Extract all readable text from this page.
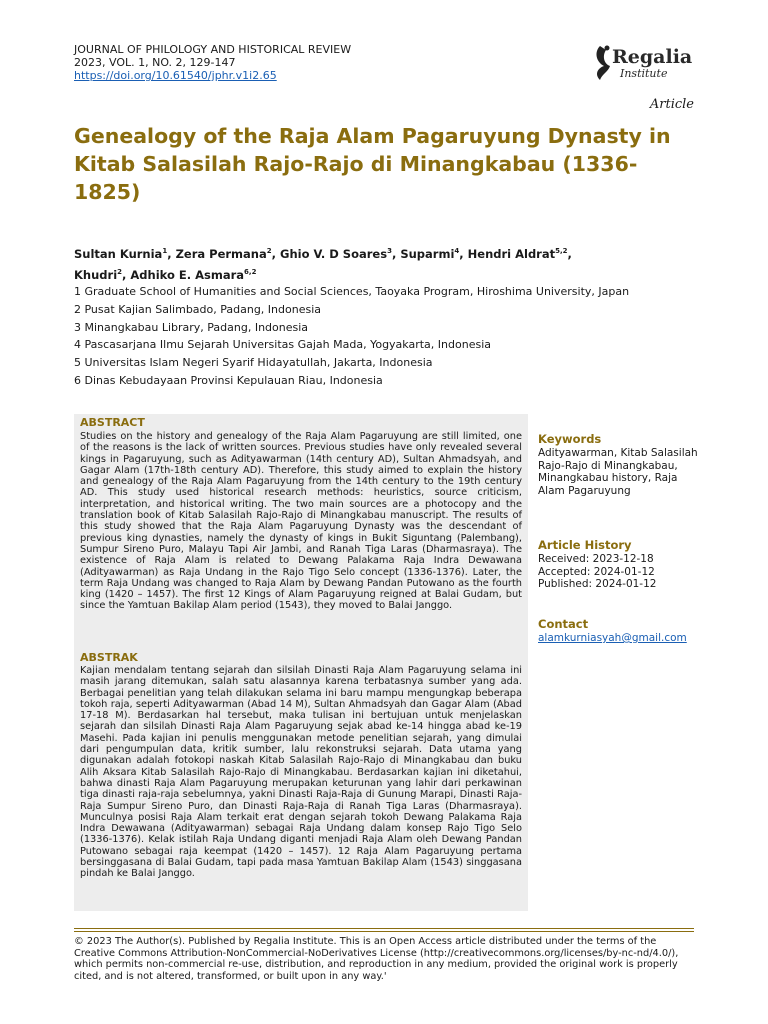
JOURNAL OF PHILOLOGY AND HISTORICAL REVIEW
2023, VOL. 1, NO. 2, 129-147
https://doi.org/10.61540/jphr.v1i2.65
Regalia
Institute
Article
Genealogy of the Raja Alam Pagaruyung Dynasty in Kitab Salasilah Rajo-Rajo di Minangkabau (1336-1825)
Sultan Kurnia$^1$, Zera Permana$^2$, Ghio V. D Soares$^3$, Suparmi$^4$, Hendri Aldrat$^{5,2}$,
Khudri$^2$, Adhiko E. Asmara$^{6,2}$
1 Graduate School of Humanities and Social Sciences, Taoyaka Program, Hiroshima University, Japan
2 Pusat Kajian Salimbado, Padang, Indonesia
3 Minangkabau Library, Padang, Indonesia
4 Pascasarjana Ilmu Sejarah Universitas Gajah Mada, Yogyakarta, Indonesia
5 Universitas Islam Negeri Syarif Hidayatullah, Jakarta, Indonesia
6 Dinas Kebudayaan Provinsi Kepulauan Riau, Indonesia
ABSTRACT
Studies on the history and genealogy of the Raja Alam Pagaruyung are still limited, one of the reasons is the lack of written sources. Previous studies have only revealed several kings in Pagaruyung, such as Adityawarman (14th century AD), Sultan Ahmadsyah, and Gagar Alam (17th-18th century AD). Therefore, this study aimed to explain the history and genealogy of the Raja Alam Pagaruyung from the 14th century to the 19th century AD. This study used historical research methods: heuristics, source criticism, interpretation, and historical writing. The two main sources are a photocopy and the translation book of Kitab Salasilah Rajo-Rajo di Minangkabau manuscript. The results of this study showed that the Raja Alam Pagaruyung Dynasty was the descendant of previous king dynasties, namely the dynasty of kings in Bukit Siguntang (Palembang), Sumpur Sireno Puro, Malayu Tapi Air Jambi, and Ranah Tiga Laras (Dharmasraya). The existence of Raja Alam is related to Dewang Palakama Raja Indra Dewawana (Adityawarman) as Raja Undang in the Rajo Tigo Selo concept (1336-1376). Later, the term Raja Undang was changed to Raja Alam by Dewang Pandan Putowano as the fourth king (1420 – 1457). The first 12 Kings of Alam Pagaruyung reigned at Balai Gudam, but since the Yamtuan Bakilap Alam period (1543), they moved to Balai Janggo.
ABSTRAK
Kajian mendalam tentang sejarah dan silsilah Dinasti Raja Alam Pagaruyung selama ini masih jarang ditemukan, salah satu alasannya karena terbatasnya sumber yang ada. Berbagai penelitian yang telah dilakukan selama ini baru mampu mengungkap beberapa tokoh raja, seperti Adityawarman (Abad 14 M), Sultan Ahmadsyah dan Gagar Alam (Abad 17-18 M). Berdasarkan hal tersebut, maka tulisan ini bertujuan untuk menjelaskan sejarah dan silsilah Dinasti Raja Alam Pagaruyung sejak abad ke-14 hingga abad ke-19 Masehi. Pada kajian ini penulis menggunakan metode penelitian sejarah, yang dimulai dari pengumpulan data, kritik sumber, lalu rekonstruksi sejarah. Data utama yang digunakan adalah fotokopi naskah Kitab Salasilah Rajo-Rajo di Minangkabau dan buku Alih Aksara Kitab Salasilah Rajo-Rajo di Minangkabau. Berdasarkan kajian ini diketahui, bahwa dinasti Raja Alam Pagaruyung merupakan keturunan yang lahir dari perkawinan tiga dinasti raja-raja sebelumnya, yakni Dinasti Raja-Raja di Gunung Marapi, Dinasti Raja-Raja Sumpur Sireno Puro, dan Dinasti Raja-Raja di Ranah Tiga Laras (Dharmasraya). Munculnya posisi Raja Alam terkait erat dengan sejarah tokoh Dewang Palakama Raja Indra Dewawana (Adityawarman) sebagai Raja Undang dalam konsep Rajo Tigo Selo (1336-1376). Kelak istilah Raja Undang diganti menjadi Raja Alam oleh Dewang Pandan Putowano sebagai raja keempat (1420 – 1457). 12 Raja Alam Pagaruyung pertama bersinggasana di Balai Gudam, tapi pada masa Yamtuan Bakilap Alam (1543) singgasana pindah ke Balai Janggo.
Keywords
Adityawarman, Kitab Salasilah Rajo-Rajo di Minangkabau, Minangkabau history, Raja Alam Pagaruyung
Article History
Received: 2023-12-18
Accepted: 2024-01-12
Published: 2024-01-12
Contact
alamkurniasyah@gmail.com
© 2023 The Author(s). Published by Regalia Institute. This is an Open Access article distributed under the terms of the Creative Commons Attribution-NonCommercial-NoDerivatives License (http://creativecommons.org/licenses/by-nc-nd/4.0/), which permits non-commercial re-use, distribution, and reproduction in any medium, provided the original work is properly cited, and is not altered, transformed, or built upon in any way.'
